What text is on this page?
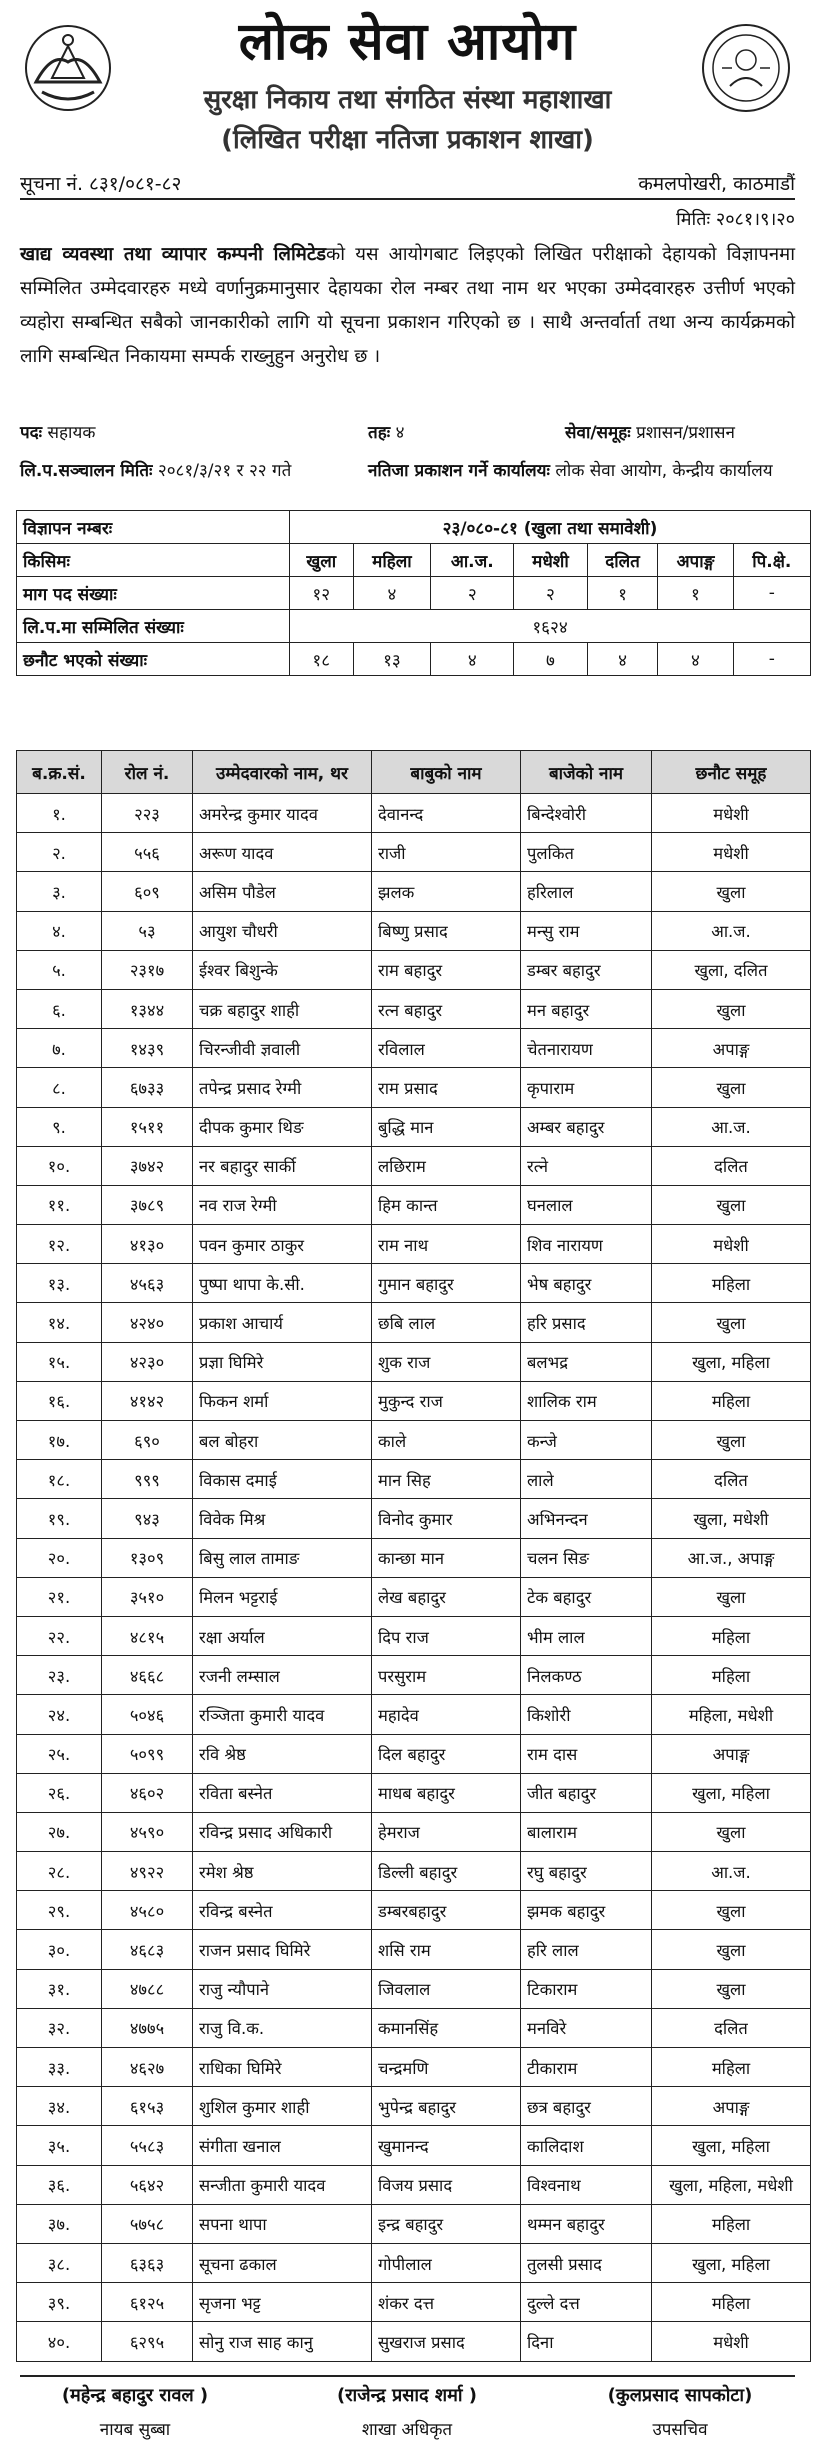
लोक सेवा आयोग
सुरक्षा निकाय तथा संगठित संस्था महाशाखा
(लिखित परीक्षा नतिजा प्रकाशन शाखा)
सूचना नं. ८३१/०८१-८२	कमलपोखरी, काठमाडौं
मितिः २०८१।९।२०
खाद्य व्यवस्था तथा व्यापार कम्पनी लिमिटेडको यस आयोगबाट लिइएको लिखित परीक्षाको देहायको विज्ञापनमा सम्मिलित उम्मेदवारहरु मध्ये वर्णानुक्रमानुसार देहायका रोल नम्बर तथा नाम थर भएका उम्मेदवारहरु उत्तीर्ण भएको व्यहोरा सम्बन्धित सबैको जानकारीको लागि यो सूचना प्रकाशन गरिएको छ । साथै अन्तर्वार्ता तथा अन्य कार्यक्रमको लागि सम्बन्धित निकायमा सम्पर्क राख्नुहुन अनुरोध छ ।
पदः सहायक	तहः ४	सेवा/समूहः प्रशासन/प्रशासन
लि.प.सञ्चालन मितिः २०८१/३/२१ र २२ गते	नतिजा प्रकाशन गर्ने कार्यालयः लोक सेवा आयोग, केन्द्रीय कार्यालय
विज्ञापन नम्बरः	२३/०८०-८१ (खुला तथा समावेशी)						
किसिमः	खुला	महिला	आ.ज.	मधेशी	दलित	अपाङ्ग	पि.क्षे.
माग पद संख्याः	१२	४	२	२	१	१	-
लि.प.मा सम्मिलित संख्याः	१६२४						
छनौट भएको संख्याः	१८	१३	४	७	४	४	-
ब.क्र.सं.	रोल नं.	उम्मेदवारको नाम, थर	बाबुको नाम	बाजेको नाम	छनौट समूह
१.	२२३	अमरेन्द्र कुमार यादव	देवानन्द	बिन्देश्वोरी	मधेशी
२.	५५६	अरूण यादव	राजी	पुलकित	मधेशी
३.	६०९	असिम पौडेल	झलक	हरिलाल	खुला
४.	५३	आयुश चौधरी	बिष्णु प्रसाद	मन्सु राम	आ.ज.
५.	२३१७	ईश्वर बिशुन्के	राम बहादुर	डम्बर बहादुर	खुला, दलित
६.	१३४४	चक्र बहादुर शाही	रत्न बहादुर	मन बहादुर	खुला
७.	१४३९	चिरन्जीवी ज्ञवाली	रविलाल	चेतनारायण	अपाङ्ग
८.	६७३३	तपेन्द्र प्रसाद रेग्मी	राम प्रसाद	कृपाराम	खुला
९.	१५११	दीपक कुमार थिङ	बुद्धि मान	अम्बर बहादुर	आ.ज.
१०.	३७४२	नर बहादुर सार्की	लछिराम	रत्ने	दलित
११.	३७८९	नव राज रेग्मी	हिम कान्त	घनलाल	खुला
१२.	४१३०	पवन कुमार ठाकुर	राम नाथ	शिव नारायण	मधेशी
१३.	४५६३	पुष्पा थापा के.सी.	गुमान बहादुर	भेष बहादुर	महिला
१४.	४२४०	प्रकाश आचार्य	छबि लाल	हरि प्रसाद	खुला
१५.	४२३०	प्रज्ञा घिमिरे	शुक राज	बलभद्र	खुला, महिला
१६.	४१४२	फिकन शर्मा	मुकुन्द राज	शालिक राम	महिला
१७.	६९०	बल बोहरा	काले	कन्जे	खुला
१८.	९९९	विकास दमाई	मान सिह	लाले	दलित
१९.	९४३	विवेक मिश्र	विनोद कुमार	अभिनन्दन	खुला, मधेशी
२०.	१३०९	बिसु लाल तामाङ	कान्छा मान	चलन सिङ	आ.ज., अपाङ्ग
२१.	३५१०	मिलन भट्टराई	लेख बहादुर	टेक बहादुर	खुला
२२.	४८१५	रक्षा अर्याल	दिप राज	भीम लाल	महिला
२३.	४६६८	रजनी लम्साल	परसुराम	निलकण्ठ	महिला
२४.	५०४६	रञ्जिता कुमारी यादव	महादेव	किशोरी	महिला, मधेशी
२५.	५०९९	रवि श्रेष्ठ	दिल बहादुर	राम दास	अपाङ्ग
२६.	४६०२	रविता बस्नेत	माधब बहादुर	जीत बहादुर	खुला, महिला
२७.	४५९०	रविन्द्र प्रसाद अधिकारी	हेमराज	बालाराम	खुला
२८.	४९२२	रमेश श्रेष्ठ	डिल्ली बहादुर	रघु बहादुर	आ.ज.
२९.	४५८०	रविन्द्र बस्नेत	डम्बरबहादुर	झमक बहादुर	खुला
३०.	४६८३	राजन प्रसाद घिमिरे	शसि राम	हरि लाल	खुला
३१.	४७८८	राजु न्यौपाने	जिवलाल	टिकाराम	खुला
३२.	४७७५	राजु वि.क.	कमानसिंह	मनविरे	दलित
३३.	४६२७	राधिका घिमिरे	चन्द्रमणि	टीकाराम	महिला
३४.	६१५३	शुशिल कुमार शाही	भुपेन्द्र बहादुर	छत्र बहादुर	अपाङ्ग
३५.	५५८३	संगीता खनाल	खुमानन्द	कालिदाश	खुला, महिला
३६.	५६४२	सन्जीता कुमारी यादव	विजय प्रसाद	विश्वनाथ	खुला, महिला, मधेशी
३७.	५७५८	सपना थापा	इन्द्र बहादुर	थम्मन बहादुर	महिला
३८.	६३६३	सूचना ढकाल	गोपीलाल	तुलसी प्रसाद	खुला, महिला
३९.	६१२५	सृजना भट्ट	शंकर दत्त	दुल्ले दत्त	महिला
४०.	६२९५	सोनु राज साह कानु	सुखराज प्रसाद	दिना	मधेशी
(महेन्द्र बहादुर रावल )
नायब सुब्बा
(राजेन्द्र प्रसाद शर्मा )
शाखा अधिकृत
(कुलप्रसाद सापकोटा)
उपसचिव
